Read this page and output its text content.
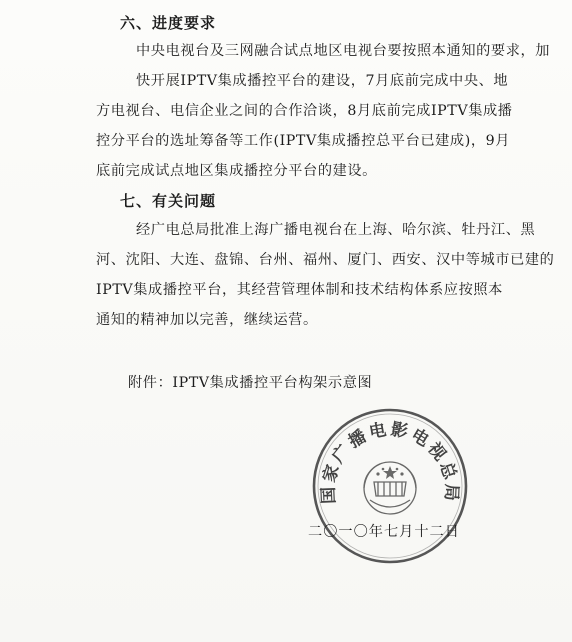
六、进度要求
中央电视台及三网融合试点地区电视台要按照本通知的要求，加快开展IPTV集成播控平台的建设，7月底前完成中央、地
方电视台、电信企业之间的合作洽谈，8月底前完成IPTV集成播
控分平台的选址筹备等工作(IPTV集成播控总平台已建成)，9月
底前完成试点地区集成播控分平台的建设。
七、有关问题
经广电总局批准上海广播电视台在上海、哈尔滨、牡丹江、黑
河、沈阳、大连、盘锦、台州、福州、厦门、西安、汉中等城市已建的
IPTV集成播控平台，其经营管理体制和技术结构体系应按照本
通知的精神加以完善，继续运营。
附件：IPTV集成播控平台构架示意图
国家广播电影电视总局
二〇一〇年七月十二日
